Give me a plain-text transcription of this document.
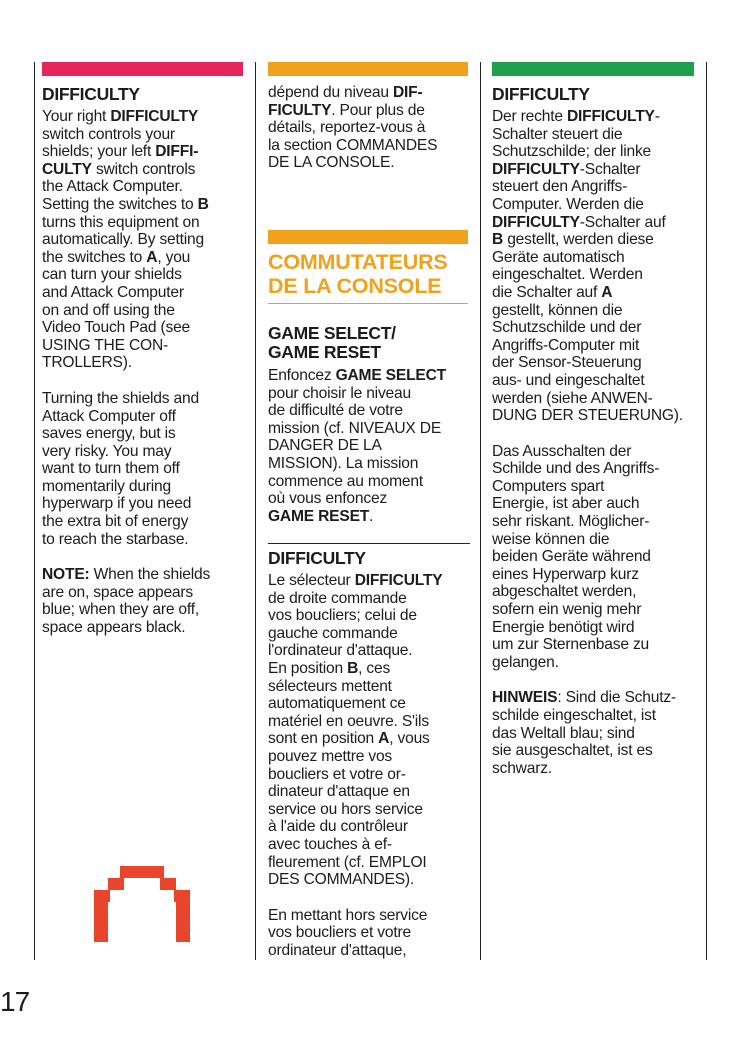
DIFFICULTY

Your right DIFFICULTY
switch controls your
shields; your left DIFFI-
CULTY switch controls
the Attack Computer.
Setting the switches to B
turns this equipment on
automatically. By setting
the switches to A, you
can turn your shields
and Attack Computer
on and off using the
Video Touch Pad (see
USING THE CON-
TROLLERS).

Turning the shields and
Attack Computer off
saves energy, but is
very risky. You may
want to turn them off
momentarily during
hyperwarp if you need
the extra bit of energy
to reach the starbase.

NOTE: When the shields
are on, space appears
blue; when they are off,
space appears black.

dépend du niveau DIF-
FICULTY. Pour plus de
détails, reportez-vous à
la section COMMANDES
DE LA CONSOLE.

COMMUTATEURS
DE LA CONSOLE
GAME SELECT/
GAME RESET

Enfoncez GAME SELECT
pour choisir le niveau
de difficulté de votre
mission (cf. NIVEAUX DE
DANGER DE LA
MISSION). La mission
commence au moment
où vous enfoncez
GAME RESET.

DIFFICULTY

Le sélecteur DIFFICULTY
de droite commande
vos boucliers; celui de
gauche commande
l'ordinateur d'attaque.
En position B, ces
sélecteurs mettent
automatiquement ce
matériel en oeuvre. S'ils
sont en position A, vous
pouvez mettre vos
boucliers et votre or-
dinateur d'attaque en
service ou hors service
à l'aide du contrôleur
avec touches à ef-
fleurement (cf. EMPLOI
DES COMMANDES).

En mettant hors service
vos boucliers et votre
ordinateur d'attaque,

DIFFICULTY

Der rechte DIFFICULTY-
Schalter steuert die
Schutzschilde; der linke
DIFFICULTY-Schalter
steuert den Angriffs-
Computer. Werden die
DIFFICULTY-Schalter auf
B gestellt, werden diese
Geräte automatisch
eingeschaltet. Werden
die Schalter auf A
gestellt, können die
Schutzschilde und der
Angriffs-Computer mit
der Sensor-Steuerung
aus- und eingeschaltet
werden (siehe ANWEN-
DUNG DER STEUERUNG).

Das Ausschalten der
Schilde und des Angriffs-
Computers spart
Energie, ist aber auch
sehr riskant. Möglicher-
weise können die
beiden Geräte während
eines Hyperwarp kurz
abgeschaltet werden,
sofern ein wenig mehr
Energie benötigt wird
um zur Sternenbase zu
gelangen.

HINWEIS: Sind die Schutz-
schilde eingeschaltet, ist
das Weltall blau; sind
sie ausgeschaltet, ist es
schwarz.

17
